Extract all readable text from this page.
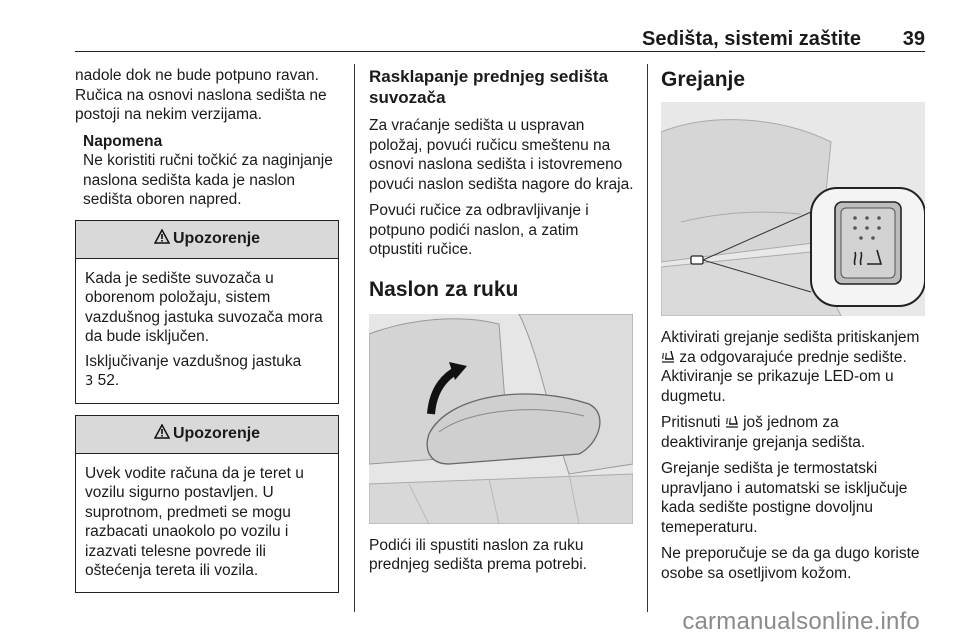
Sedišta, sistemi zaštite 39

nadole dok ne bude potpuno ravan. Ručica na osnovi naslona sedišta ne postoji na nekim verzijama.

Napomena

Ne koristiti ručni točkić za naginjanje naslona sedišta kada je naslon sedišta oboren napred.

Upozorenje

Kada je sedište suvozača u oborenom položaju, sistem vazdušnog jastuka suvozača mora da bude isključen.

Isključivanje vazdušnog jastuka
3 52.

Upozorenje

Uvek vodite računa da je teret u vozilu sigurno postavljen. U suprotnom, predmeti se mogu razbacati unaokolo po vozilu i izazvati telesne povrede ili oštećenja tereta ili vozila.

Rasklapanje prednjeg sedišta suvozača

Za vraćanje sedišta u uspravan položaj, povući ručicu smeštenu na osnovi naslona sedišta i istovremeno povući naslon sedišta nagore do kraja.

Povući ručice za odbravljivanje i potpuno podići naslon, a zatim otpustiti ručice.

Naslon za ruku

Podići ili spustiti naslon za ruku prednjeg sedišta prema potrebi.

Grejanje

Aktivirati grejanje sedišta pritiskanjem  za odgovarajuće prednje sedište. Aktiviranje se prikazuje LED-om u dugmetu.

Pritisnuti još jednom za deaktiviranje grejanja sedišta.

Grejanje sedišta je termostatski upravljano i automatski se isključuje kada sedište postigne dovoljnu temeperaturu.

Ne preporučuje se da ga dugo koriste osobe sa osetljivom kožom.

carmanualsonline.info
